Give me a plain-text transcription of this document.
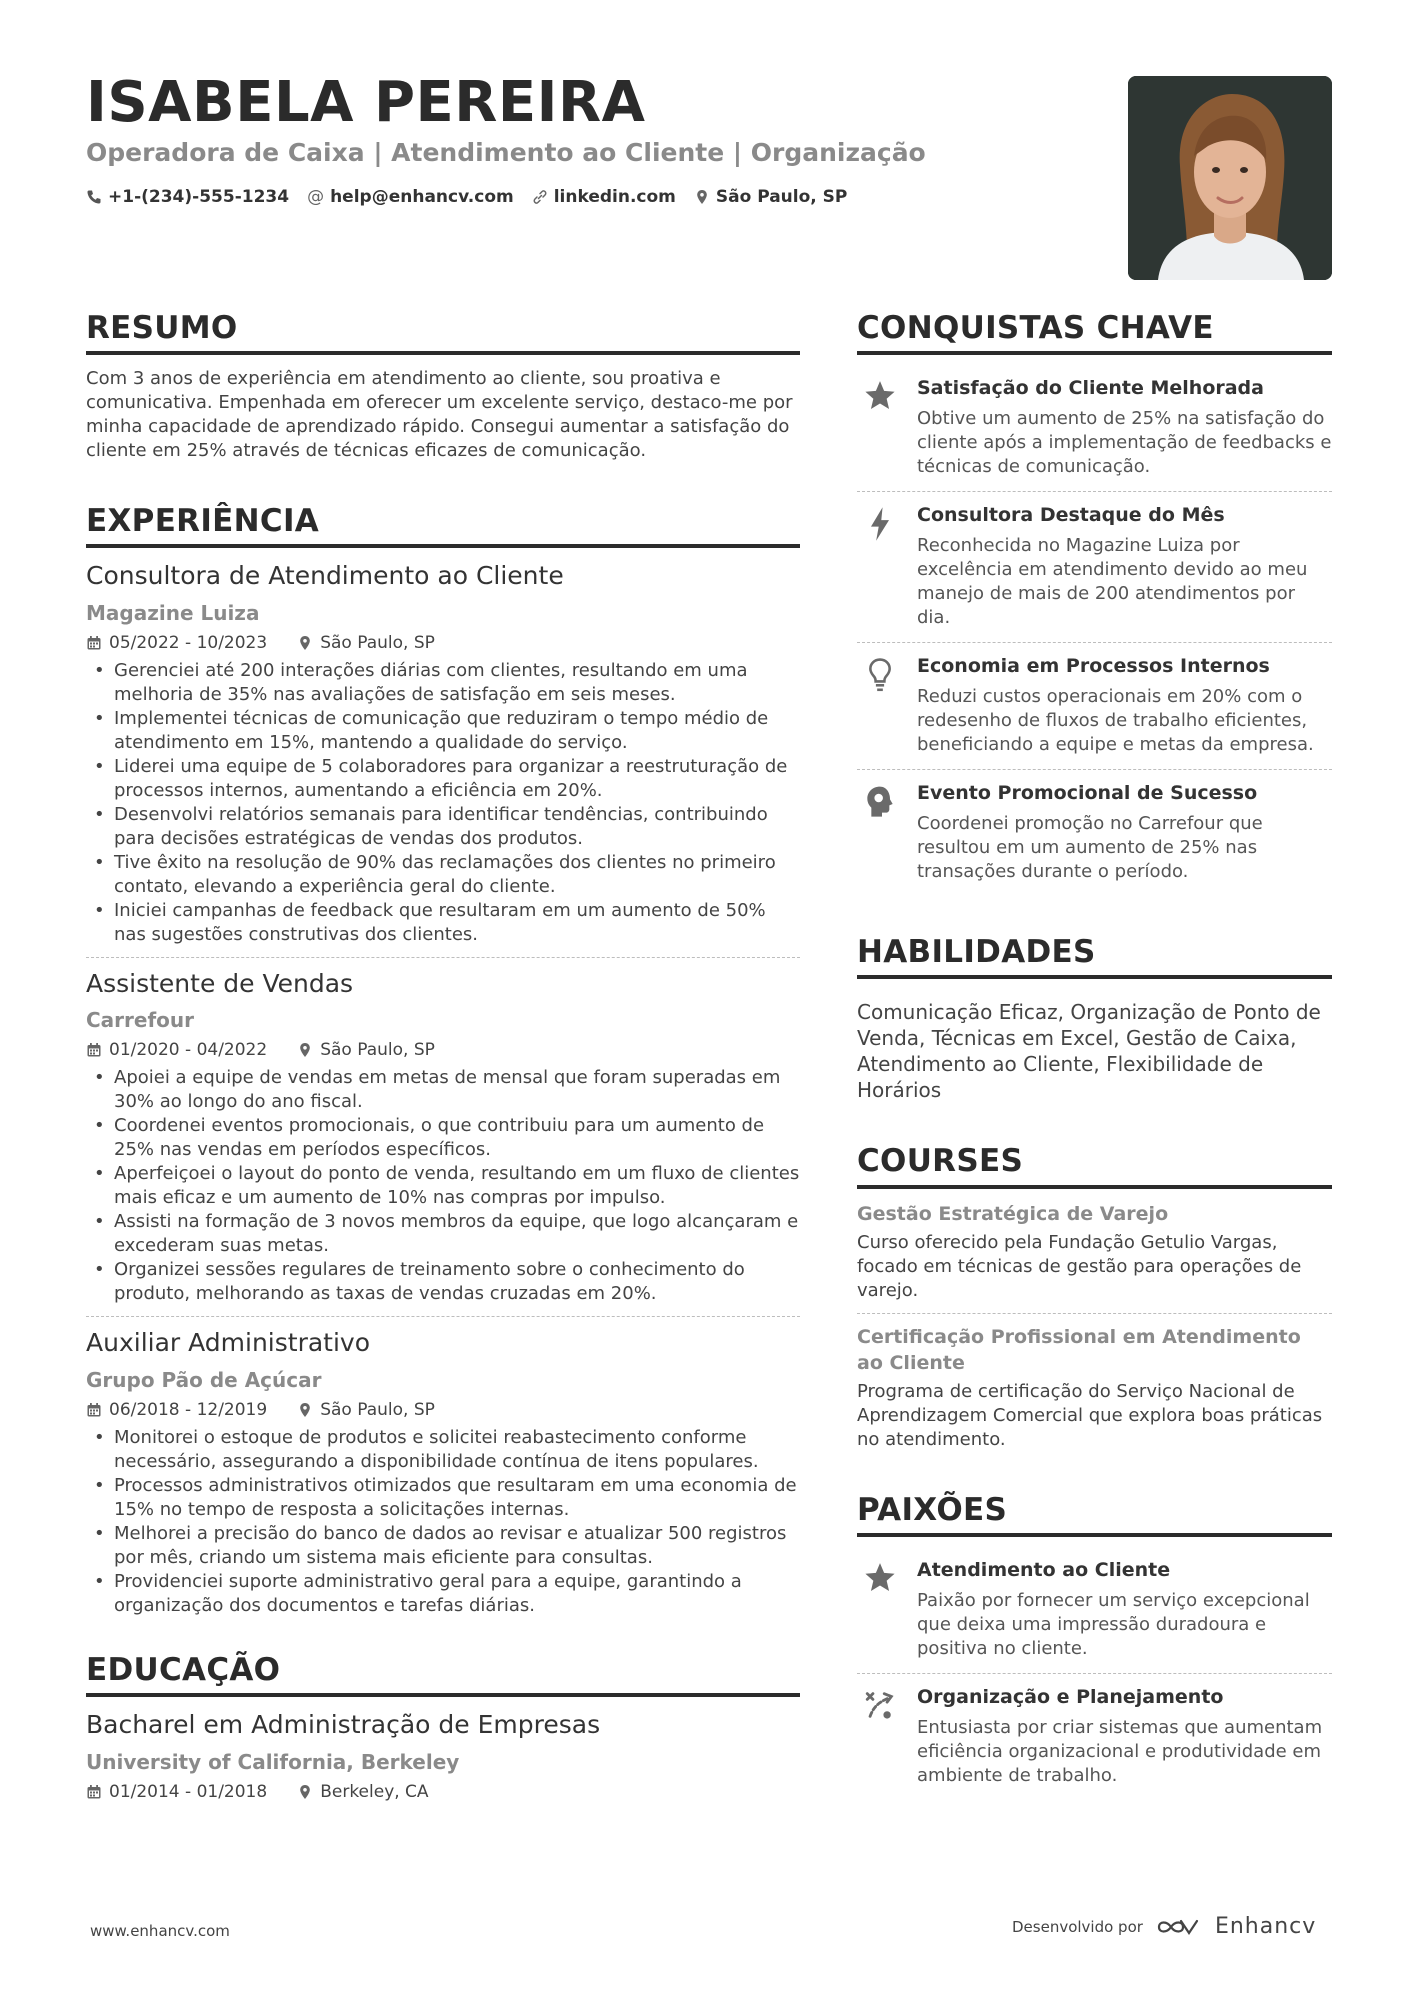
ISABELA PEREIRA
Operadora de Caixa | Atendimento ao Cliente | Organização
+1-(234)-555-1234 @ help@enhancv.com linkedin.com São Paulo, SP
RESUMO
Com 3 anos de experiência em atendimento ao cliente, sou proativa e comunicativa. Empenhada em oferecer um excelente serviço, destaco-me por minha capacidade de aprendizado rápido. Consegui aumentar a satisfação do cliente em 25% através de técnicas eficazes de comunicação.
EXPERIÊNCIA
Consultora de Atendimento ao Cliente
Magazine Luiza
05/2022 - 10/2023	São Paulo, SP
• Gerenciei até 200 interações diárias com clientes, resultando em uma melhoria de 35% nas avaliações de satisfação em seis meses.
• Implementei técnicas de comunicação que reduziram o tempo médio de atendimento em 15%, mantendo a qualidade do serviço.
• Liderei uma equipe de 5 colaboradores para organizar a reestruturação de processos internos, aumentando a eficiência em 20%.
• Desenvolvi relatórios semanais para identificar tendências, contribuindo para decisões estratégicas de vendas dos produtos.
• Tive êxito na resolução de 90% das reclamações dos clientes no primeiro contato, elevando a experiência geral do cliente.
• Iniciei campanhas de feedback que resultaram em um aumento de 50% nas sugestões construtivas dos clientes.
Assistente de Vendas
Carrefour
01/2020 - 04/2022	São Paulo, SP
• Apoiei a equipe de vendas em metas de mensal que foram superadas em 30% ao longo do ano fiscal.
• Coordenei eventos promocionais, o que contribuiu para um aumento de 25% nas vendas em períodos específicos.
• Aperfeiçoei o layout do ponto de venda, resultando em um fluxo de clientes mais eficaz e um aumento de 10% nas compras por impulso.
• Assisti na formação de 3 novos membros da equipe, que logo alcançaram e excederam suas metas.
• Organizei sessões regulares de treinamento sobre o conhecimento do produto, melhorando as taxas de vendas cruzadas em 20%.
Auxiliar Administrativo
Grupo Pão de Açúcar
06/2018 - 12/2019	São Paulo, SP
• Monitorei o estoque de produtos e solicitei reabastecimento conforme necessário, assegurando a disponibilidade contínua de itens populares.
• Processos administrativos otimizados que resultaram em uma economia de 15% no tempo de resposta a solicitações internas.
• Melhorei a precisão do banco de dados ao revisar e atualizar 500 registros por mês, criando um sistema mais eficiente para consultas.
• Providenciei suporte administrativo geral para a equipe, garantindo a organização dos documentos e tarefas diárias.
EDUCAÇÃO
Bacharel em Administração de Empresas
University of California, Berkeley
01/2014 - 01/2018	Berkeley, CA
CONQUISTAS CHAVE
Satisfação do Cliente Melhorada
Obtive um aumento de 25% na satisfação do cliente após a implementação de feedbacks e técnicas de comunicação.
Consultora Destaque do Mês
Reconhecida no Magazine Luiza por excelência em atendimento devido ao meu manejo de mais de 200 atendimentos por dia.
Economia em Processos Internos
Reduzi custos operacionais em 20% com o redesenho de fluxos de trabalho eficientes, beneficiando a equipe e metas da empresa.
Evento Promocional de Sucesso
Coordenei promoção no Carrefour que resultou em um aumento de 25% nas transações durante o período.
HABILIDADES
Comunicação Eficaz, Organização de Ponto de Venda, Técnicas em Excel, Gestão de Caixa, Atendimento ao Cliente, Flexibilidade de Horários
COURSES
Gestão Estratégica de Varejo
Curso oferecido pela Fundação Getulio Vargas, focado em técnicas de gestão para operações de varejo.
Certificação Profissional em Atendimento ao Cliente
Programa de certificação do Serviço Nacional de Aprendizagem Comercial que explora boas práticas no atendimento.
PAIXÕES
Atendimento ao Cliente
Paixão por fornecer um serviço excepcional que deixa uma impressão duradoura e positiva no cliente.
Organização e Planejamento
Entusiasta por criar sistemas que aumentam eficiência organizacional e produtividade em ambiente de trabalho.
www.enhancv.com	Desenvolvido por	Enhancv
